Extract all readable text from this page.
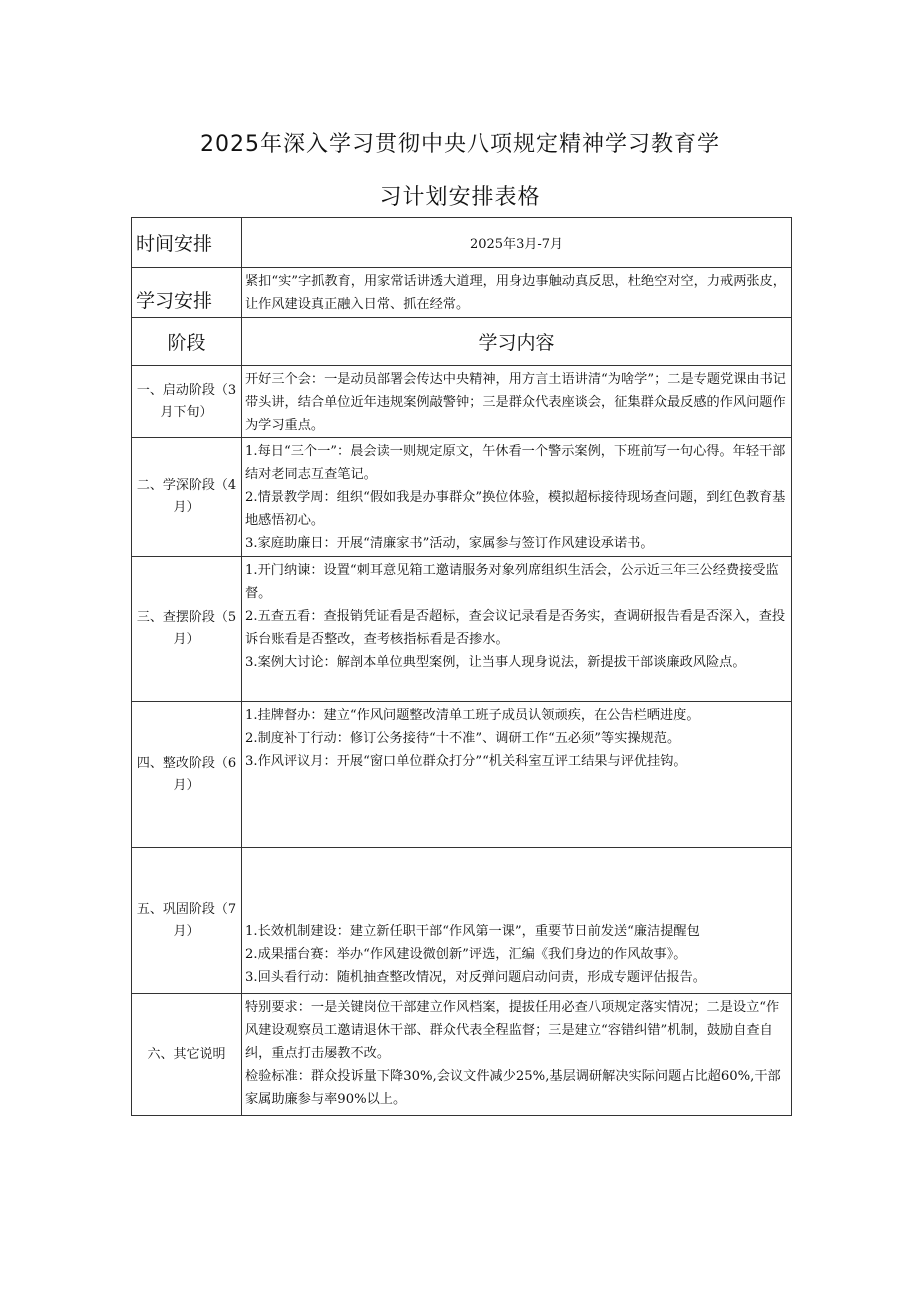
2025年深入学习贯彻中央八项规定精神学习教育学
习计划安排表格
时间安排	2025年3月-7月
学习安排	紧扣“实”字抓教育，用家常话讲透大道理，用身边事触动真反思，杜绝空对空，力戒两张皮，让作风建设真正融入日常、抓在经常。
阶段	学习内容
一、启动阶段（3月下旬）	开好三个会：一是动员部署会传达中央精神，用方言土语讲清“为啥学”；二是专题党课由书记带头讲，结合单位近年违规案例敲警钟；三是群众代表座谈会，征集群众最反感的作风问题作为学习重点。

二、学深阶段（4月）	1.每日“三个一”：晨会读一则规定原文，午休看一个警示案例，下班前写一句心得。年轻干部结对老同志互查笔记。

2.情景教学周：组织“假如我是办事群众”换位体验，模拟超标接待现场查问题，到红色教育基地感悟初心。

3.家庭助廉日：开展“清廉家书”活动，家属参与签订作风建设承诺书。

三、查摆阶段（5月）	1.开门纳谏：设置“刺耳意见箱工邀请服务对象列席组织生活会，公示近三年三公经费接受监督。

2.五查五看：查报销凭证看是否超标，查会议记录看是否务实，查调研报告看是否深入，查投诉台账看是否整改，查考核指标看是否掺水。

3.案例大讨论：解剖本单位典型案例，让当事人现身说法，新提拔干部谈廉政风险点。

四、整改阶段（6月）	1.挂牌督办：建立“作风问题整改清单工班子成员认领顽疾，在公告栏晒进度。

2.制度补丁行动：修订公务接待“十不准”、调研工作“五必须”等实操规范。

3.作风评议月：开展“窗口单位群众打分”“机关科室互评工结果与评优挂钩。

五、巩固阶段（7月）	1.长效机制建设：建立新任职干部“作风第一课”，重要节日前发送“廉洁提醒包

2.成果擂台赛：举办“作风建设微创新”评选，汇编《我们身边的作风故事》。

3.回头看行动：随机抽查整改情况，对反弹问题启动问责，形成专题评估报告。

六、其它说明	特别要求：一是关键岗位干部建立作风档案，提拔任用必查八项规定落实情况；二是设立“作风建设观察员工邀请退休干部、群众代表全程监督；三是建立“容错纠错”机制，鼓励自查自纠，重点打击屡教不改。

检验标准：群众投诉量下降30%,会议文件减少25%,基层调研解决实际问题占比超60%,干部家属助廉参与率90%以上。
